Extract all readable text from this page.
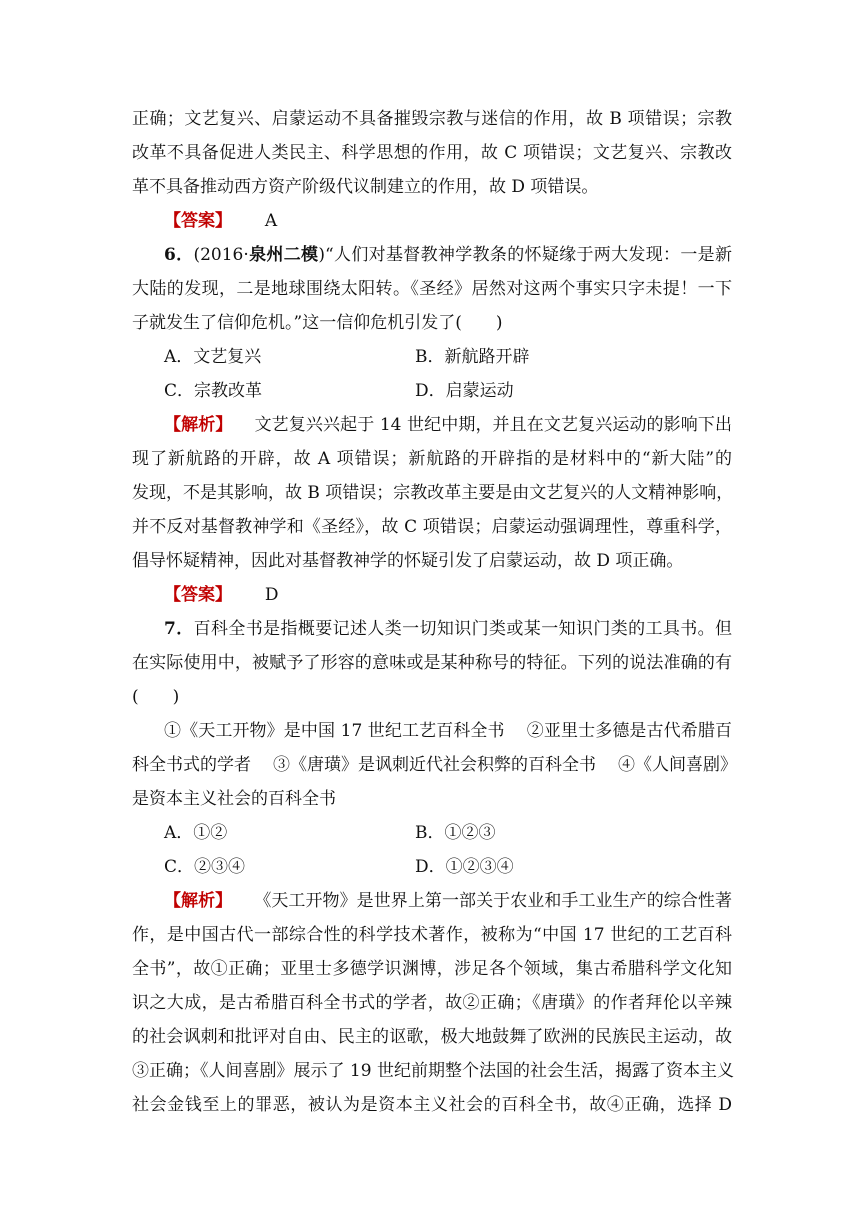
正确；文艺复兴、启蒙运动不具备摧毁宗教与迷信的作用，故 B 项错误；宗教
改革不具备促进人类民主、科学思想的作用，故 C 项错误；文艺复兴、宗教改
革不具备推动西方资产阶级代议制建立的作用，故 D 项错误。
【答案】 A
6．(2016·泉州二模)“人们对基督教神学教条的怀疑缘于两大发现：一是新
大陆的发现，二是地球围绕太阳转。《圣经》居然对这两个事实只字未提！一下
子就发生了信仰危机。”这一信仰危机引发了(　　)
A．文艺复兴	B．新航路开辟
C．宗教改革	D．启蒙运动
【解析】 文艺复兴兴起于 14 世纪中期，并且在文艺复兴运动的影响下出
现了新航路的开辟，故 A 项错误；新航路的开辟指的是材料中的“新大陆”的
发现，不是其影响，故 B 项错误；宗教改革主要是由文艺复兴的人文精神影响，
并不反对基督教神学和《圣经》，故 C 项错误；启蒙运动强调理性，尊重科学，
倡导怀疑精神，因此对基督教神学的怀疑引发了启蒙运动，故 D 项正确。
【答案】 D
7．百科全书是指概要记述人类一切知识门类或某一知识门类的工具书。但
在实际使用中，被赋予了形容的意味或是某种称号的特征。下列的说法准确的有
(　　)
①《天工开物》是中国 17 世纪工艺百科全书 ②亚里士多德是古代希腊百
科全书式的学者 ③《唐璜》是讽刺近代社会积弊的百科全书 ④《人间喜剧》
是资本主义社会的百科全书
A．①②	B．①②③
C．②③④	D．①②③④
【解析】 《天工开物》是世界上第一部关于农业和手工业生产的综合性著
作，是中国古代一部综合性的科学技术著作，被称为“中国 17 世纪的工艺百科
全书”，故①正确；亚里士多德学识渊博，涉足各个领域，集古希腊科学文化知
识之大成，是古希腊百科全书式的学者，故②正确；《唐璜》的作者拜伦以辛辣
的社会讽刺和批评对自由、民主的讴歌，极大地鼓舞了欧洲的民族民主运动，故
③正确；《人间喜剧》展示了 19 世纪前期整个法国的社会生活，揭露了资本主义
社会金钱至上的罪恶，被认为是资本主义社会的百科全书，故④正确，选择 D
